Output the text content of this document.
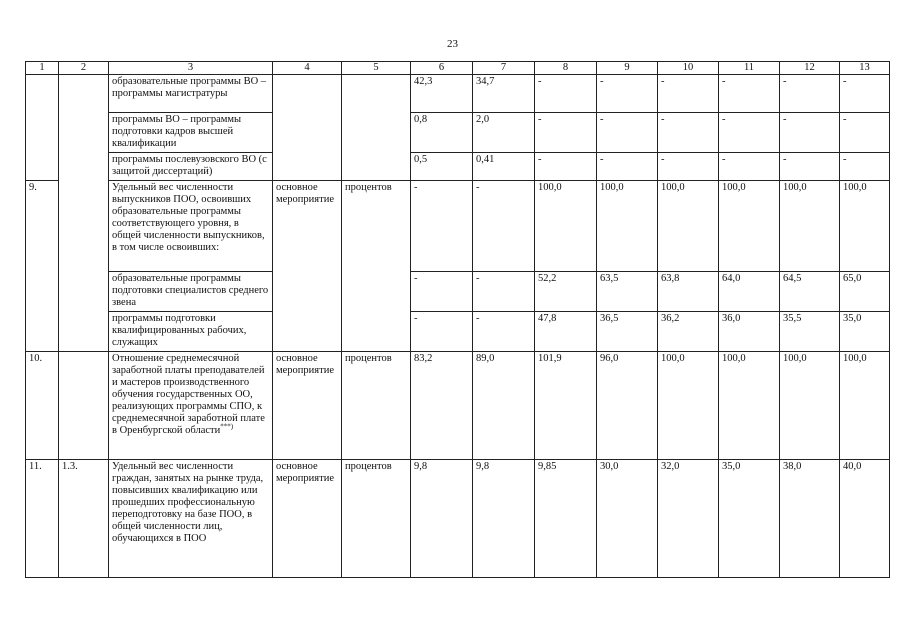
23
1	2	3	4	5	6	7	8	9	10	11	12	13
		образовательные программы ВО – программы магистратуры			42,3	34,7	-	-	-	-	-	-
		программы ВО – программы подготовки кадров высшей квалификации			0,8	2,0	-	-	-	-	-	-
		программы послевузовского ВО (с защитой диссертаций)			0,5	0,41	-	-	-	-	-	-
9.		Удельный вес численности выпускников ПОО, освоивших образовательные программы соответствующего уровня, в общей численности выпускников, в том числе освоивших:	основное мероприятие	процентов	-	-	100,0	100,0	100,0	100,0	100,0	100,0
		образовательные программы подготовки специалистов среднего звена			-	-	52,2	63,5	63,8	64,0	64,5	65,0
		программы подготовки квалифицированных рабочих, служащих			-	-	47,8	36,5	36,2	36,0	35,5	35,0
10.		Отношение среднемесячной заработной платы преподавателей и мастеров производственного обучения государственных ОО, реализующих программы СПО, к среднемесячной заработной плате в Оренбургской области***)	основное мероприятие	процентов	83,2	89,0	101,9	96,0	100,0	100,0	100,0	100,0
11.	1.3.	Удельный вес численности граждан, занятых на рынке труда, повысивших квалификацию или прошедших профессиональную переподготовку на базе ПОО, в общей численности лиц, обучающихся в ПОО	основное мероприятие	процентов	9,8	9,8	9,85	30,0	32,0	35,0	38,0	40,0
